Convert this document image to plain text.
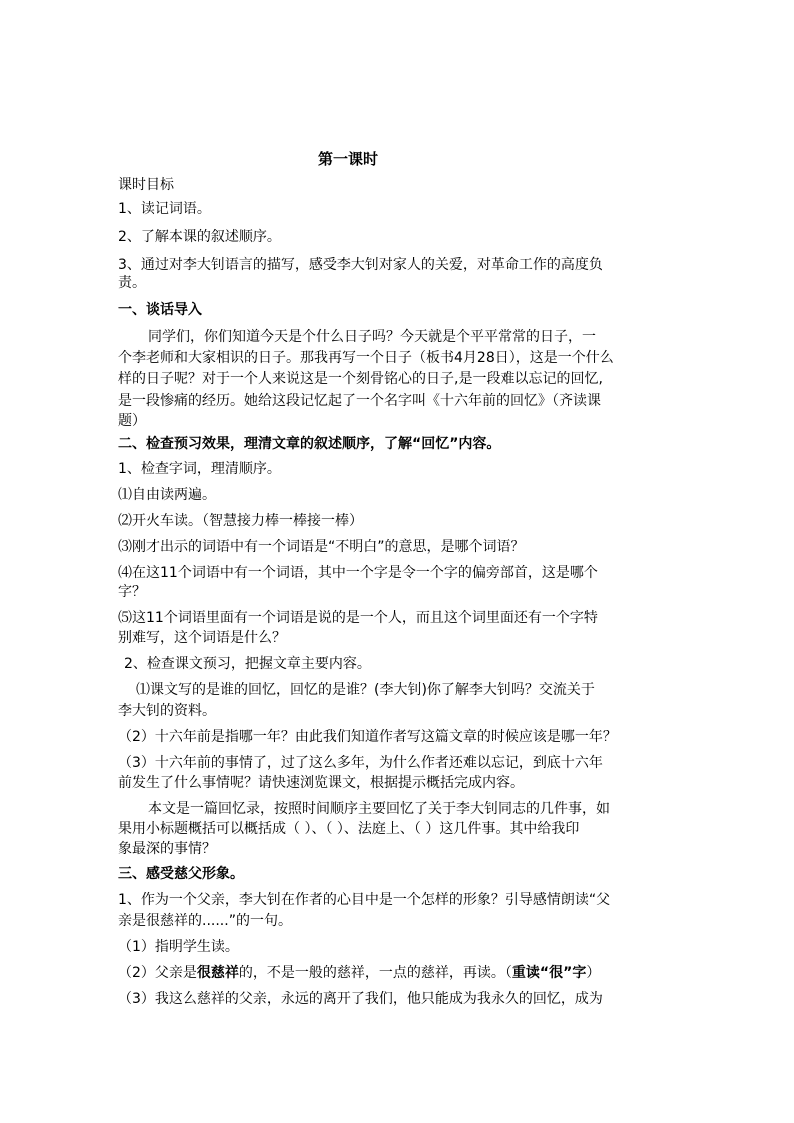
第一课时
课时目标
1、读记词语。
2、了解本课的叙述顺序。
3、通过对李大钊语言的描写，感受李大钊对家人的关爱，对革命工作的高度负
责。
一、谈话导入
同学们，你们知道今天是个什么日子吗？今天就是个平平常常的日子，一
个李老师和大家相识的日子。那我再写一个日子（板书4月28日），这是一个什么
样的日子呢？对于一个人来说这是一个刻骨铭心的日子,是一段难以忘记的回忆,
是一段惨痛的经历。她给这段记忆起了一个名字叫《十六年前的回忆》（齐读课
题）
二、检查预习效果，理清文章的叙述顺序，了解“回忆”内容。
1、检查字词，理清顺序。
⑴自由读两遍。
⑵开火车读。（智慧接力棒一棒接一棒）
⑶刚才出示的词语中有一个词语是“不明白”的意思，是哪个词语？
⑷在这11个词语中有一个词语，其中一个字是令一个字的偏旁部首，这是哪个
字？
⑸这11个词语里面有一个词语是说的是一个人，而且这个词里面还有一个字特
别难写，这个词语是什么？
2、检查课文预习，把握文章主要内容。
⑴课文写的是谁的回忆，回忆的是谁？(李大钊)你了解李大钊吗？交流关于
李大钊的资料。
（2）十六年前是指哪一年？由此我们知道作者写这篇文章的时候应该是哪一年？
（3）十六年前的事情了，过了这么多年，为什么作者还难以忘记，到底十六年
前发生了什么事情呢？请快速浏览课文，根据提示概括完成内容。
本文是一篇回忆录，按照时间顺序主要回忆了关于李大钊同志的几件事，如
果用小标题概括可以概括成（ ）、（ ）、法庭上、（ ）这几件事。其中给我印
象最深的事情？
三、感受慈父形象。
1、作为一个父亲，李大钊在作者的心目中是一个怎样的形象？引导感情朗读“父
亲是很慈祥的......”的一句。
（1）指明学生读。
（2）父亲是很慈祥的，不是一般的慈祥，一点的慈祥，再读。（重读“很”字）
（3）我这么慈祥的父亲，永远的离开了我们，他只能成为我永久的回忆，成为
